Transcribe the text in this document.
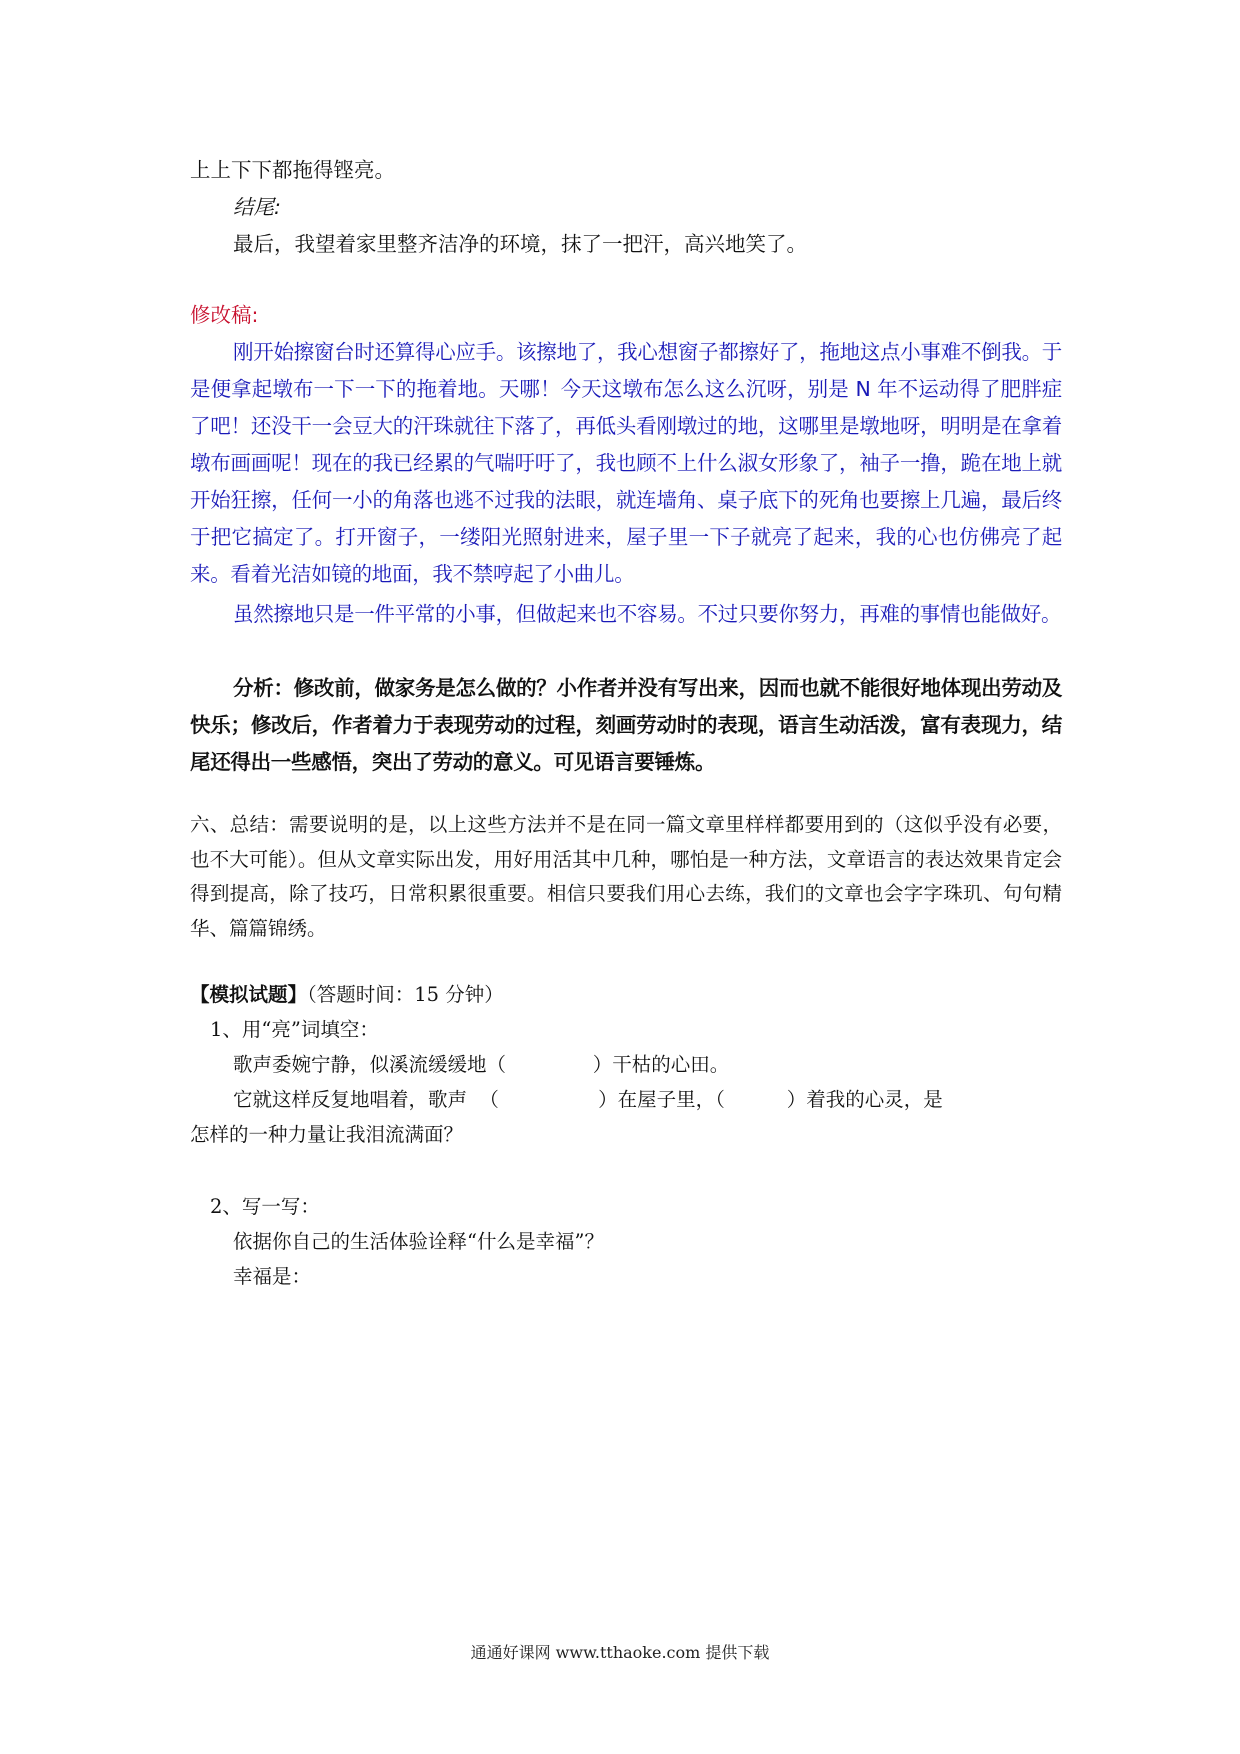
上上下下都拖得铿亮。

结尾:

最后，我望着家里整齐洁净的环境，抹了一把汗，高兴地笑了。

修改稿:

刚开始擦窗台时还算得心应手。该擦地了，我心想窗子都擦好了，拖地这点小事难不倒我。于是便拿起墩布一下一下的拖着地。天哪！今天这墩布怎么这么沉呀，别是 N 年不运动得了肥胖症了吧！还没干一会豆大的汗珠就往下落了，再低头看刚墩过的地，这哪里是墩地呀，明明是在拿着墩布画画呢！现在的我已经累的气喘吁吁了，我也顾不上什么淑女形象了，袖子一撸，跪在地上就开始狂擦，任何一小的角落也逃不过我的法眼，就连墙角、桌子底下的死角也要擦上几遍，最后终于把它搞定了。打开窗子，一缕阳光照射进来，屋子里一下子就亮了起来，我的心也仿佛亮了起来。看着光洁如镜的地面，我不禁哼起了小曲儿。

虽然擦地只是一件平常的小事，但做起来也不容易。不过只要你努力，再难的事情也能做好。

分析：修改前，做家务是怎么做的？小作者并没有写出来，因而也就不能很好地体现出劳动及快乐；修改后，作者着力于表现劳动的过程，刻画劳动时的表现，语言生动活泼，富有表现力，结尾还得出一些感悟，突出了劳动的意义。可见语言要锤炼。

六、总结：需要说明的是，以上这些方法并不是在同一篇文章里样样都要用到的（这似乎没有必要，也不大可能）。但从文章实际出发，用好用活其中几种，哪怕是一种方法，文章语言的表达效果肯定会得到提高，除了技巧，日常积累很重要。相信只要我们用心去练，我们的文章也会字字珠玑、句句精华、篇篇锦绣。

【模拟试题】（答题时间：15 分钟）

1、用“亮”词填空：

歌声委婉宁静，似溪流缓缓地（              ）干枯的心田。

它就这样反复地唱着，歌声  （                ）在屋子里，（          ）着我的心灵，是

怎样的一种力量让我泪流满面？

2、写一写：

依据你自己的生活体验诠释“什么是幸福”？

幸福是：

通通好课网 www.tthaoke.com 提供下载
